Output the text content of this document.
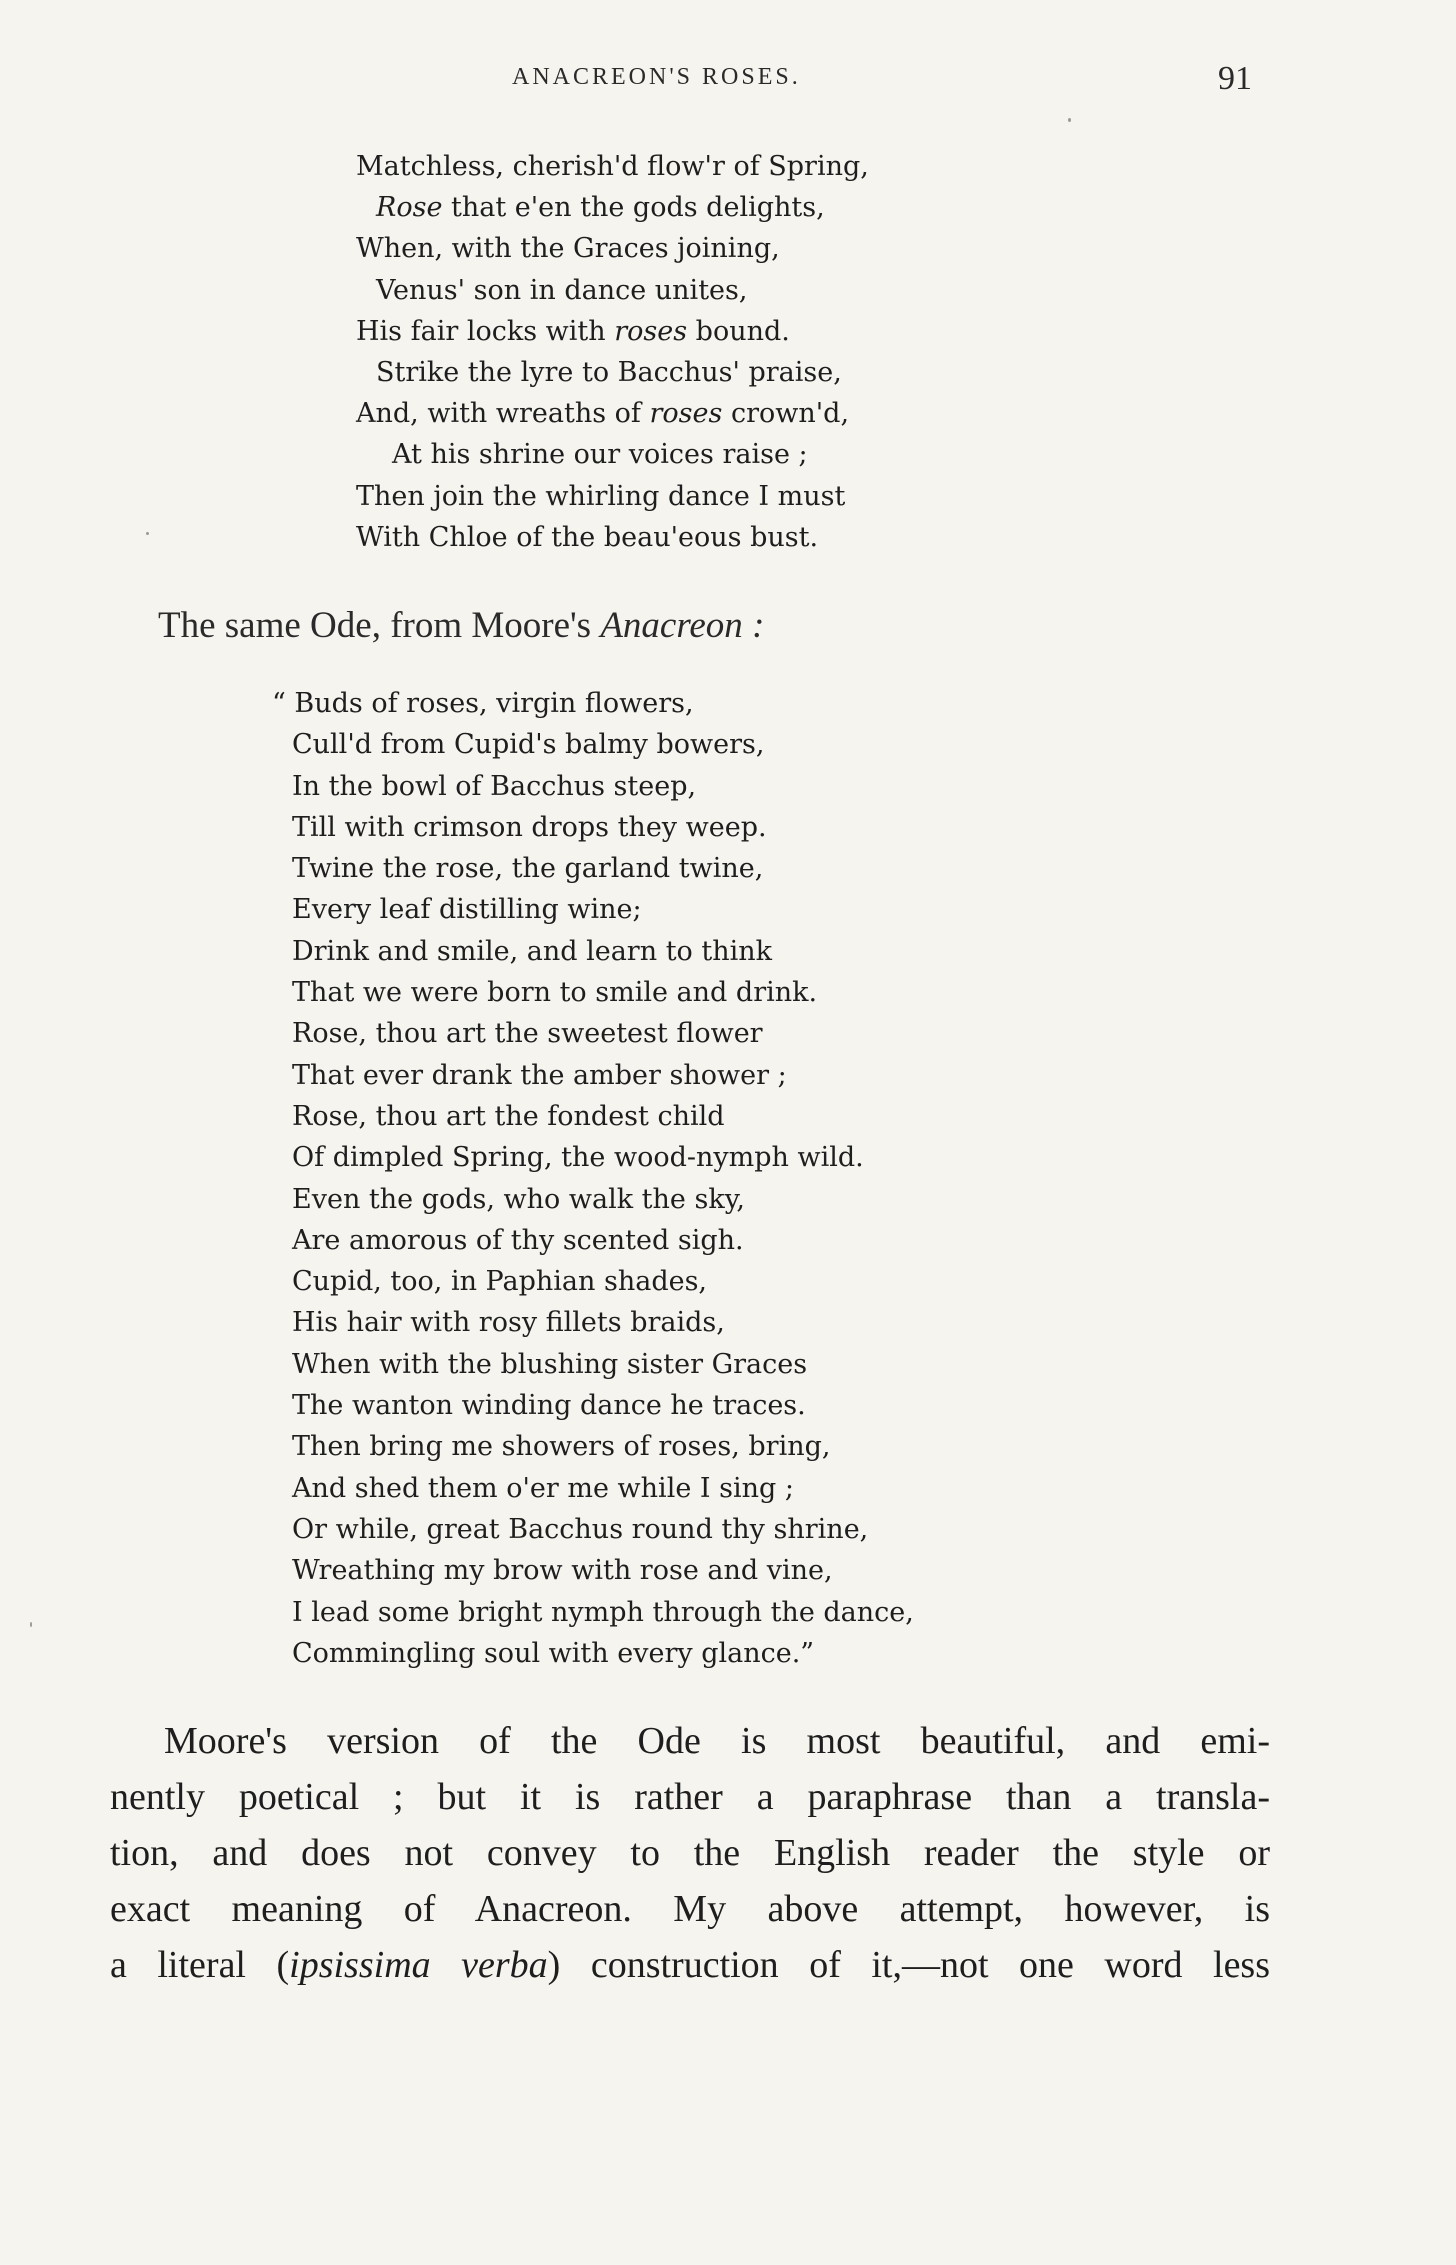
ANACREON'S ROSES.	91
Matchless, cherish'd flow'r of Spring,
Rose that e'en the gods delights,
When, with the Graces joining,
Venus' son in dance unites,
His fair locks with roses bound.
Strike the lyre to Bacchus' praise,
And, with wreaths of roses crown'd,
At his shrine our voices raise ;
Then join the whirling dance I must
With Chloe of the beau'eous bust.
The same Ode, from Moore's Anacreon :
“ Buds of roses, virgin flowers,
Cull'd from Cupid's balmy bowers,
In the bowl of Bacchus steep,
Till with crimson drops they weep.
Twine the rose, the garland twine,
Every leaf distilling wine;
Drink and smile, and learn to think
That we were born to smile and drink.
Rose, thou art the sweetest flower
That ever drank the amber shower ;
Rose, thou art the fondest child
Of dimpled Spring, the wood-nymph wild.
Even the gods, who walk the sky,
Are amorous of thy scented sigh.
Cupid, too, in Paphian shades,
His hair with rosy fillets braids,
When with the blushing sister Graces
The wanton winding dance he traces.
Then bring me showers of roses, bring,
And shed them o'er me while I sing ;
Or while, great Bacchus round thy shrine,
Wreathing my brow with rose and vine,
I lead some bright nymph through the dance,
Commingling soul with every glance.”
Moore's version of the Ode is most beautiful, and emi-
nently poetical ; but it is rather a paraphrase than a transla-
tion, and does not convey to the English reader the style or
exact meaning of Anacreon. My above attempt, however, is
a literal (ipsissima verba) construction of it,—not one word less
